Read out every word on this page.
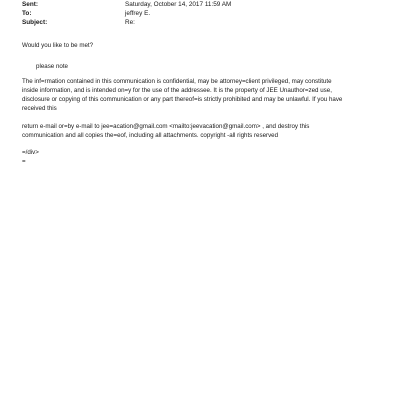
Sent:	Saturday, October 14, 2017 11:59 AM
To:	jeffrey E.
Subject:	Re:

Would you like to be met?

please note

The inf=rmation contained in this communication is confidential, may be attorney=client privileged, may constitute

inside information, and is intended on=y for the use of the addressee. It is the property of JEE Unauthor=zed use,

disclosure or copying of this communication or any part thereof=is strictly prohibited and may be unlawful. If you have

received this

return e-mail or=by e-mail to jee=acation@gmail.com <mailto:jeevacation@gmail.com> , and destroy this

communication and all copies the=eof, including all attachments. copyright -all rights reserved

=/div>

=
